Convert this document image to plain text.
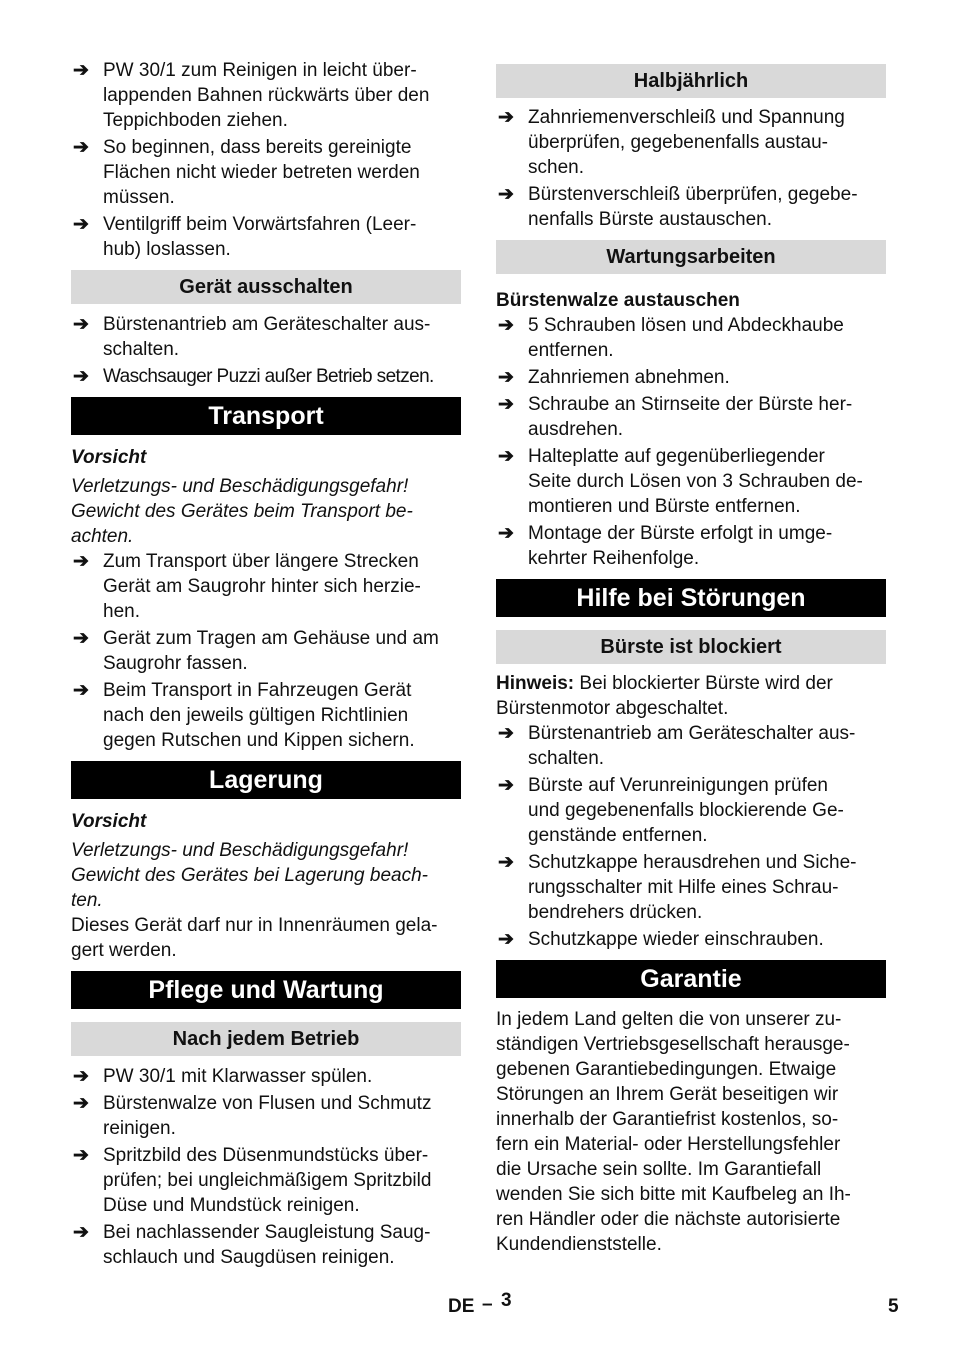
➔ PW 30/1 zum Reinigen in leicht über-
lappenden Bahnen rückwärts über den
Teppichboden ziehen.
➔ So beginnen, dass bereits gereinigte
Flächen nicht wieder betreten werden
müssen.
➔ Ventilgriff beim Vorwärtsfahren (Leer-
hub) loslassen.
Gerät ausschalten
➔ Bürstenantrieb am Geräteschalter aus-
schalten.
➔ Waschsauger Puzzi außer Betrieb setzen.
Transport

Vorsicht

Verletzungs- und Beschädigungsgefahr!
Gewicht des Gerätes beim Transport be-
achten.

➔ Zum Transport über längere Strecken
Gerät am Saugrohr hinter sich herzie-
hen.
➔ Gerät zum Tragen am Gehäuse und am
Saugrohr fassen.
➔ Beim Transport in Fahrzeugen Gerät
nach den jeweils gültigen Richtlinien
gegen Rutschen und Kippen sichern.
Lagerung

Vorsicht

Verletzungs- und Beschädigungsgefahr!
Gewicht des Gerätes bei Lagerung beach-
ten.

Dieses Gerät darf nur in Innenräumen gela-
gert werden.

Pflege und Wartung
Nach jedem Betrieb
➔ PW 30/1 mit Klarwasser spülen.
➔ Bürstenwalze von Flusen und Schmutz
reinigen.
➔ Spritzbild des Düsenmundstücks über-
prüfen; bei ungleichmäßigem Spritzbild
Düse und Mundstück reinigen.
➔ Bei nachlassender Saugleistung Saug-
schlauch und Saugdüsen reinigen.
Halbjährlich
➔ Zahnriemenverschleiß und Spannung
überprüfen, gegebenenfalls austau-
schen.
➔ Bürstenverschleiß überprüfen, gegebe-
nenfalls Bürste austauschen.
Wartungsarbeiten

Bürstenwalze austauschen

➔ 5 Schrauben lösen und Abdeckhaube
entfernen.
➔ Zahnriemen abnehmen.
➔ Schraube an Stirnseite der Bürste her-
ausdrehen.
➔ Halteplatte auf gegenüberliegender
Seite durch Lösen von 3 Schrauben de-
montieren und Bürste entfernen.
➔ Montage der Bürste erfolgt in umge-
kehrter Reihenfolge.
Hilfe bei Störungen
Bürste ist blockiert

Hinweis: Bei blockierter Bürste wird der
Bürstenmotor abgeschaltet.

➔ Bürstenantrieb am Geräteschalter aus-
schalten.
➔ Bürste auf Verunreinigungen prüfen
und gegebenenfalls blockierende Ge-
genstände entfernen.
➔ Schutzkappe herausdrehen und Siche-
rungsschalter mit Hilfe eines Schrau-
bendrehers drücken.
➔ Schutzkappe wieder einschrauben.
Garantie

In jedem Land gelten die von unserer zu-
ständigen Vertriebsgesellschaft herausge-
gebenen Garantiebedingungen. Etwaige
Störungen an Ihrem Gerät beseitigen wir
innerhalb der Garantiefrist kostenlos, so-
fern ein Material- oder Herstellungsfehler
die Ursache sein sollte. Im Garantiefall
wenden Sie sich bitte mit Kaufbeleg an Ih-
ren Händler oder die nächste autorisierte
Kundendienststelle.

DE – 3	5
